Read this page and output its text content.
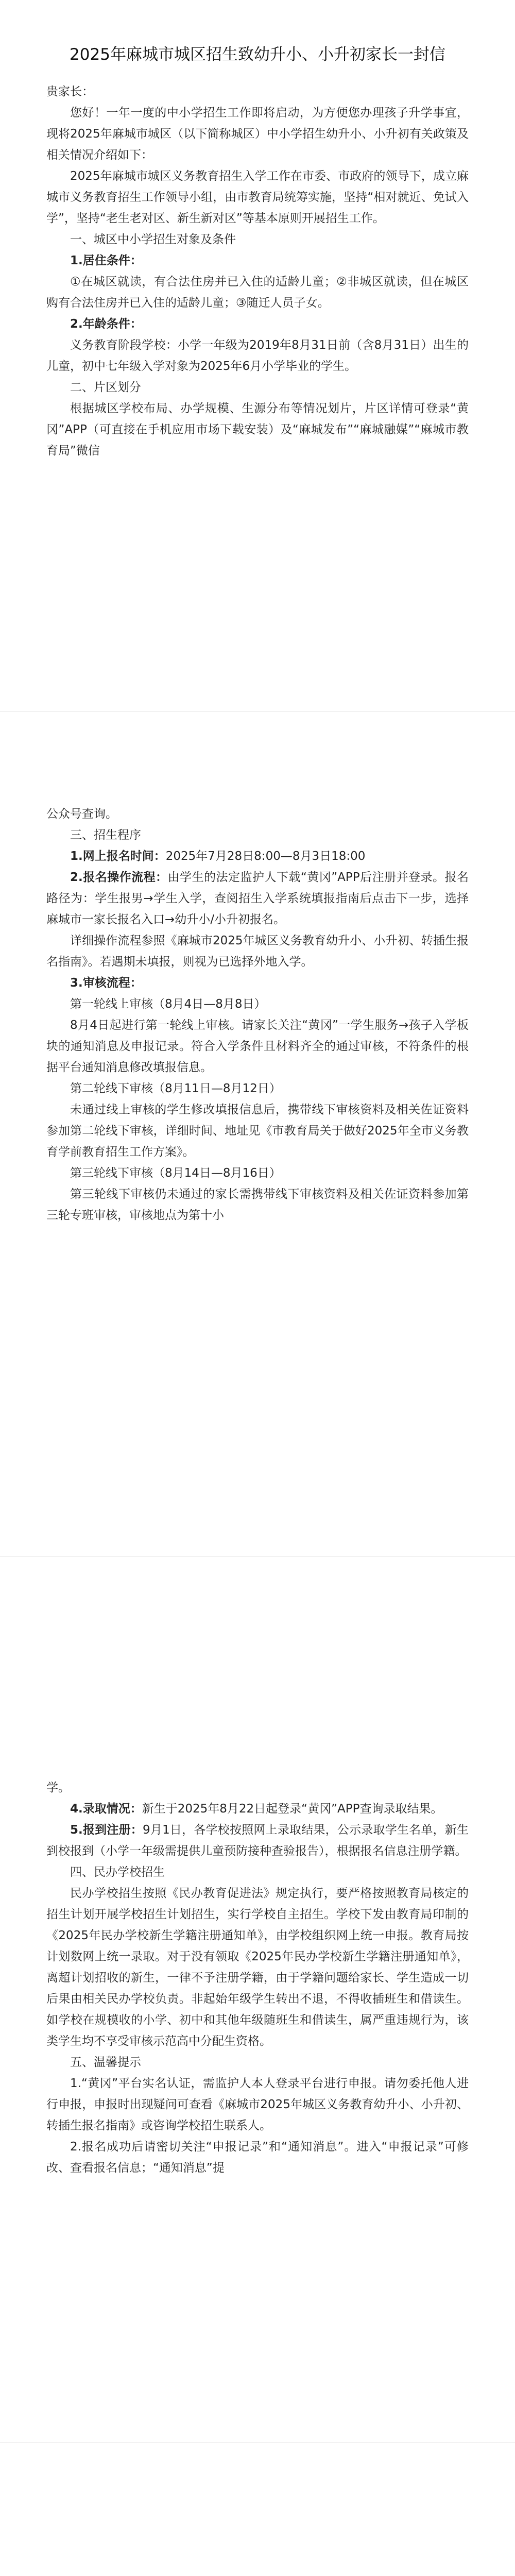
2025年麻城市城区招生致幼升小、小升初家长一封信

贵家长：

您好！一年一度的中小学招生工作即将启动，为方便您办理孩子升学事宜，现将2025年麻城市城区（以下简称城区）中小学招生幼升小、小升初有关政策及相关情况介绍如下：

2025年麻城市城区义务教育招生入学工作在市委、市政府的领导下，成立麻城市义务教育招生工作领导小组，由市教育局统筹实施，坚持“相对就近、免试入学”，坚持“老生老对区、新生新对区”等基本原则开展招生工作。

一、城区中小学招生对象及条件

1.居住条件：

①在城区就读，有合法住房并已入住的适龄儿童；②非城区就读，但在城区购有合法住房并已入住的适龄儿童；③随迁人员子女。

2.年龄条件：

义务教育阶段学校：小学一年级为2019年8月31日前（含8月31日）出生的儿童，初中七年级入学对象为2025年6月小学毕业的学生。

二、片区划分

根据城区学校布局、办学规模、生源分布等情况划片，片区详情可登录“黄冈”APP（可直接在手机应用市场下载安装）及“麻城发布”“麻城融媒”“麻城市教育局”微信

公众号查询。

三、招生程序

1.网上报名时间：2025年7月28日8:00—8月3日18:00

2.报名操作流程：由学生的法定监护人下载“黄冈”APP后注册并登录。报名路径为：学生报男→学生入学，查阅招生入学系统填报指南后点击下一步，选择麻城市一家长报名入口→幼升小/小升初报名。

详细操作流程参照《麻城市2025年城区义务教育幼升小、小升初、转插生报名指南》。若遇期未填报，则视为已选择外地入学。

3.审核流程：

第一轮线上审核（8月4日—8月8日）

8月4日起进行第一轮线上审核。请家长关注“黄冈”一学生服务→孩子入学板块的通知消息及申报记录。符合入学条件且材料齐全的通过审核，不符条件的根据平台通知消息修改填报信息。

第二轮线下审核（8月11日—8月12日）

未通过线上审核的学生修改填报信息后，携带线下审核资料及相关佐证资料参加第二轮线下审核，详细时间、地址见《市教育局关于做好2025年全市义务教育学前教育招生工作方案》。

第三轮线下审核（8月14日—8月16日）

第三轮线下审核仍未通过的家长需携带线下审核资料及相关佐证资料参加第三轮专班审核，审核地点为第十小

学。

4.录取情况：新生于2025年8月22日起登录“黄冈”APP查询录取结果。

5.报到注册：9月1日，各学校按照网上录取结果，公示录取学生名单，新生到校报到（小学一年级需提供儿童预防接种查验报告），根据报名信息注册学籍。

四、民办学校招生

民办学校招生按照《民办教育促进法》规定执行，要严格按照教育局核定的招生计划开展学校招生计划招生，实行学校自主招生。学校下发由教育局印制的《2025年民办学校新生学籍注册通知单》，由学校组织网上统一申报。教育局按计划数网上统一录取。对于没有领取《2025年民办学校新生学籍注册通知单》，离超计划招收的新生，一律不予注册学籍，由于学籍问题给家长、学生造成一切后果由相关民办学校负责。非起始年级学生转出不退，不得收插班生和借读生。如学校在规模收的小学、初中和其他年级随班生和借读生，属严重违规行为，该类学生均不享受审核示范高中分配生资格。

五、温馨提示

1.“黄冈”平台实名认证，需监护人本人登录平台进行申报。请勿委托他人进行申报，申报时出现疑问可查看《麻城市2025年城区义务教育幼升小、小升初、转插生报名指南》或咨询学校招生联系人。

2.报名成功后请密切关注“申报记录”和“通知消息”。进入“申报记录”可修改、查看报名信息；“通知消息”提
